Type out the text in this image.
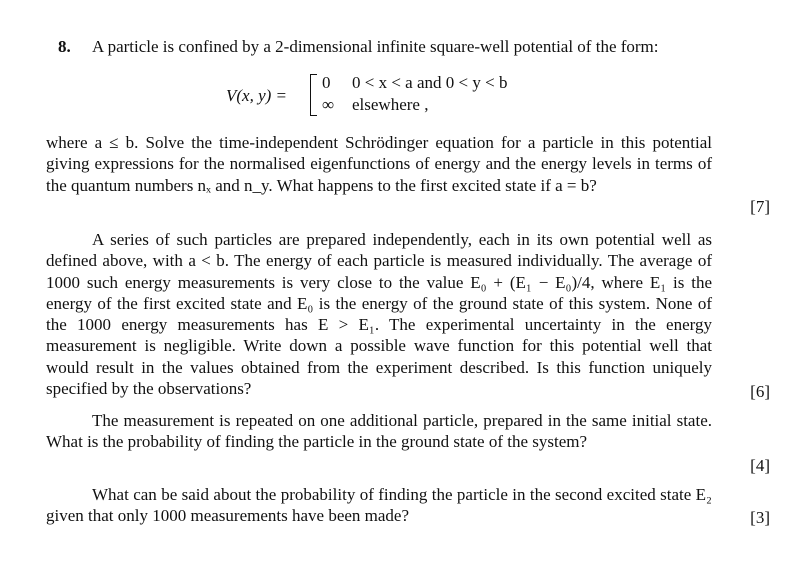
8. A particle is confined by a 2-dimensional infinite square-well potential of the form:
V(x, y) =
0 0 < x < a and 0 < y < b
∞ elsewhere ,
where a ≤ b. Solve the time-independent Schrödinger equation for a particle in this potential giving expressions for the normalised eigenfunctions of energy and the energy levels in terms of the quantum numbers nₓ and n_y. What happens to the first excited state if a = b?
[7]
A series of such particles are prepared independently, each in its own potential well as defined above, with a < b. The energy of each particle is measured individually. The average of 1000 such energy measurements is very close to the value E₀ + (E₁ − E₀)/4, where E₁ is the energy of the first excited state and E₀ is the energy of the ground state of this system. None of the 1000 energy measurements has E > E₁. The experimental uncertainty in the energy measurement is negligible. Write down a possible wave function for this potential well that would result in the values obtained from the experiment described. Is this function uniquely specified by the observations?	[6]
The measurement is repeated on one additional particle, prepared in the same initial state. What is the probability of finding the particle in the ground state of the system?
[4]
What can be said about the probability of finding the particle in the second excited state E₂ given that only 1000 measurements have been made?	[3]
